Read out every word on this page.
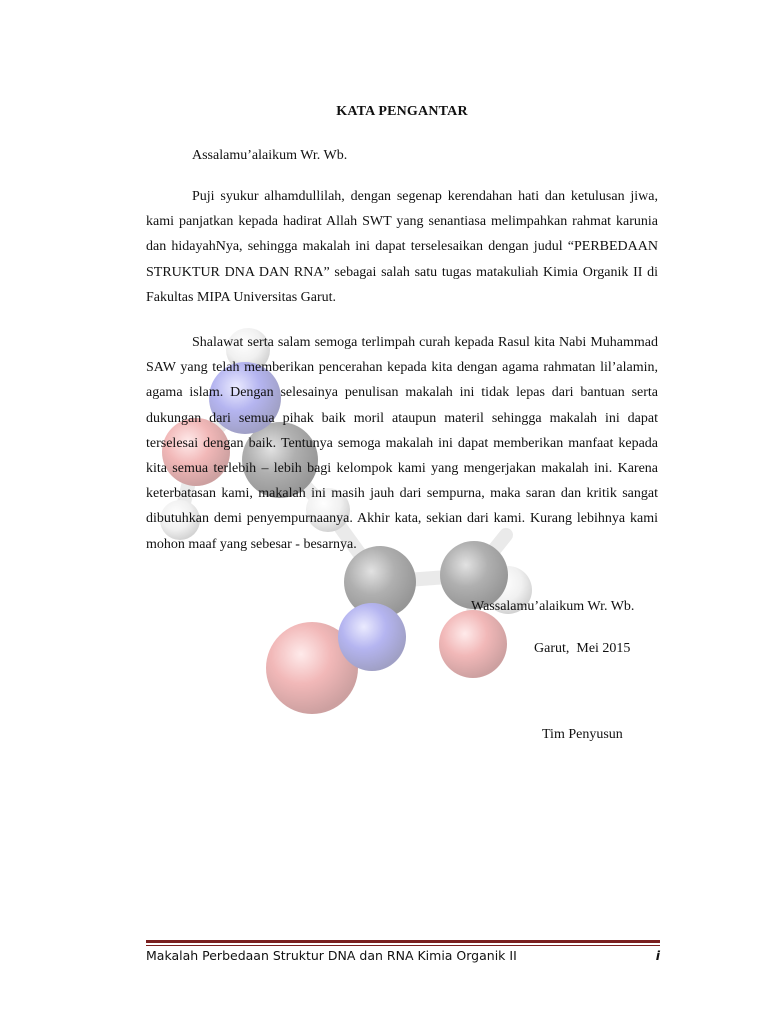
KATA PENGANTAR
Assalamu’alaikum Wr. Wb.

Puji syukur alhamdullilah, dengan segenap kerendahan hati dan ketulusan jiwa, kami panjatkan kepada hadirat Allah SWT yang senantiasa melimpahkan rahmat karunia dan hidayahNya, sehingga makalah ini dapat terselesaikan dengan judul “PERBEDAAN STRUKTUR DNA DAN RNA” sebagai salah satu tugas matakuliah Kimia Organik II di Fakultas MIPA Universitas Garut.

Shalawat serta salam semoga terlimpah curah kepada Rasul kita Nabi Muhammad SAW yang telah memberikan pencerahan kepada kita dengan agama rahmatan lil’alamin, agama islam. Dengan selesainya penulisan makalah ini tidak lepas dari bantuan serta dukungan dari semua pihak baik moril ataupun materil sehingga makalah ini dapat terselesai dengan baik. Tentunya semoga makalah ini dapat memberikan manfaat kepada kita semua terlebih – lebih bagi kelompok kami yang mengerjakan makalah ini. Karena keterbatasan kami, makalah ini masih jauh dari sempurna, maka saran dan kritik sangat dibutuhkan demi penyempurnaanya. Akhir kata, sekian dari kami. Kurang lebihnya kami mohon maaf yang sebesar - besarnya.

Wassalamu’alaikum Wr. Wb.
Garut,  Mei 2015
Tim Penyusun
Makalah Perbedaan Struktur DNA dan RNA Kimia Organik II	i
